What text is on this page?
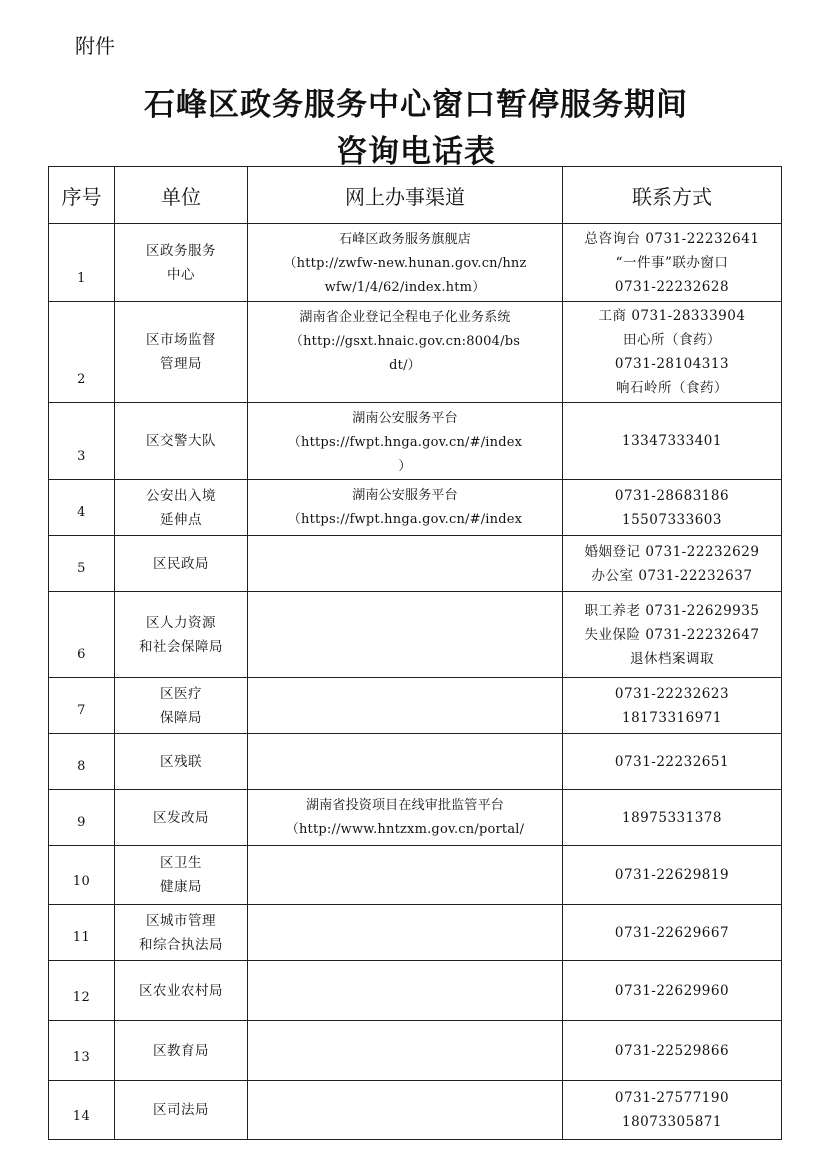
附件
石峰区政务服务中心窗口暂停服务期间
咨询电话表
序号	单位	网上办事渠道	联系方式
1	区政务服务
中心	石峰区政务服务旗舰店
（http://zwfw-new.hunan.gov.cn/hnz
wfw/1/4/62/index.htm）	总咨询台 0731-22232641
“一件事”联办窗口
0731-22232628

2	区市场监督
管理局	湖南省企业登记全程电子化业务系统
（http://gsxt.hnaic.gov.cn:8004/bs
dt/）	工商 0731-28333904
田心所（食药）
0731-28104313
响石岭所（食药）

3	区交警大队	湖南公安服务平台
（https://fwpt.hnga.gov.cn/#/index
）	13347333401

4	公安出入境
延伸点	湖南公安服务平台
（https://fwpt.hnga.gov.cn/#/index	0731-28683186
15507333603

5	区民政局		婚姻登记 0731-22232629
办公室 0731-22232637

6	区人力资源
和社会保障局		职工养老 0731-22629935
失业保险 0731-22232647
退休档案调取

7	区医疗
保障局		0731-22232623
18173316971

8	区残联		0731-22232651

9	区发改局	湖南省投资项目在线审批监管平台
（http://www.hntzxm.gov.cn/portal/	18975331378

10	区卫生
健康局		0731-22629819

11	区城市管理
和综合执法局		0731-22629667

12	区农业农村局		0731-22629960

13	区教育局		0731-22529866

14	区司法局		0731-27577190
18073305871
